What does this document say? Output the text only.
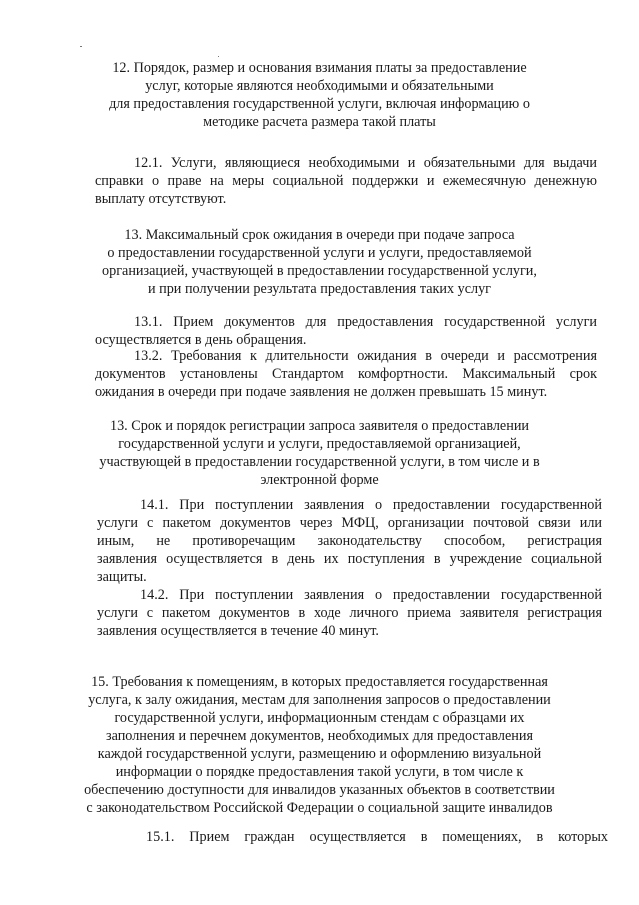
12. Порядок, размер и основания взимания платы за предоставление
услуг, которые являются необходимыми и обязательными
для предоставления государственной услуги, включая информацию о
методике расчета размера такой платы
12.1. Услуги, являющиеся необходимыми и обязательными для выдачи
справки о праве на меры социальной поддержки и ежемесячную денежную
выплату отсутствуют.
13. Максимальный срок ожидания в очереди при подаче запроса
о предоставлении государственной услуги и услуги, предоставляемой
организацией, участвующей в предоставлении государственной услуги,
и при получении результата предоставления таких услуг
13.1. Прием документов для предоставления государственной услуги
осуществляется в день обращения.
13.2. Требования к длительности ожидания в очереди и рассмотрения
документов установлены Стандартом комфортности. Максимальный срок
ожидания в очереди при подаче заявления не должен превышать 15 минут.
13. Срок и порядок регистрации запроса заявителя о предоставлении
государственной услуги и услуги, предоставляемой организацией,
участвующей в предоставлении государственной услуги, в том числе и в
электронной форме
14.1. При поступлении заявления о предоставлении государственной
услуги с пакетом документов через МФЦ, организации почтовой связи или
иным, не противоречащим законодательству способом, регистрация
заявления осуществляется в день их поступления в учреждение социальной
защиты.
14.2. При поступлении заявления о предоставлении государственной
услуги с пакетом документов в ходе личного приема заявителя регистрация
заявления осуществляется в течение 40 минут.
15. Требования к помещениям, в которых предоставляется государственная
услуга, к залу ожидания, местам для заполнения запросов о предоставлении
государственной услуги, информационным стендам с образцами их
заполнения и перечнем документов, необходимых для предоставления
каждой государственной услуги, размещению и оформлению визуальной
информации о порядке предоставления такой услуги, в том числе к
обеспечению доступности для инвалидов указанных объектов в соответствии
с законодательством Российской Федерации о социальной защите инвалидов
15.1. Прием граждан осуществляется в помещениях, в которых
